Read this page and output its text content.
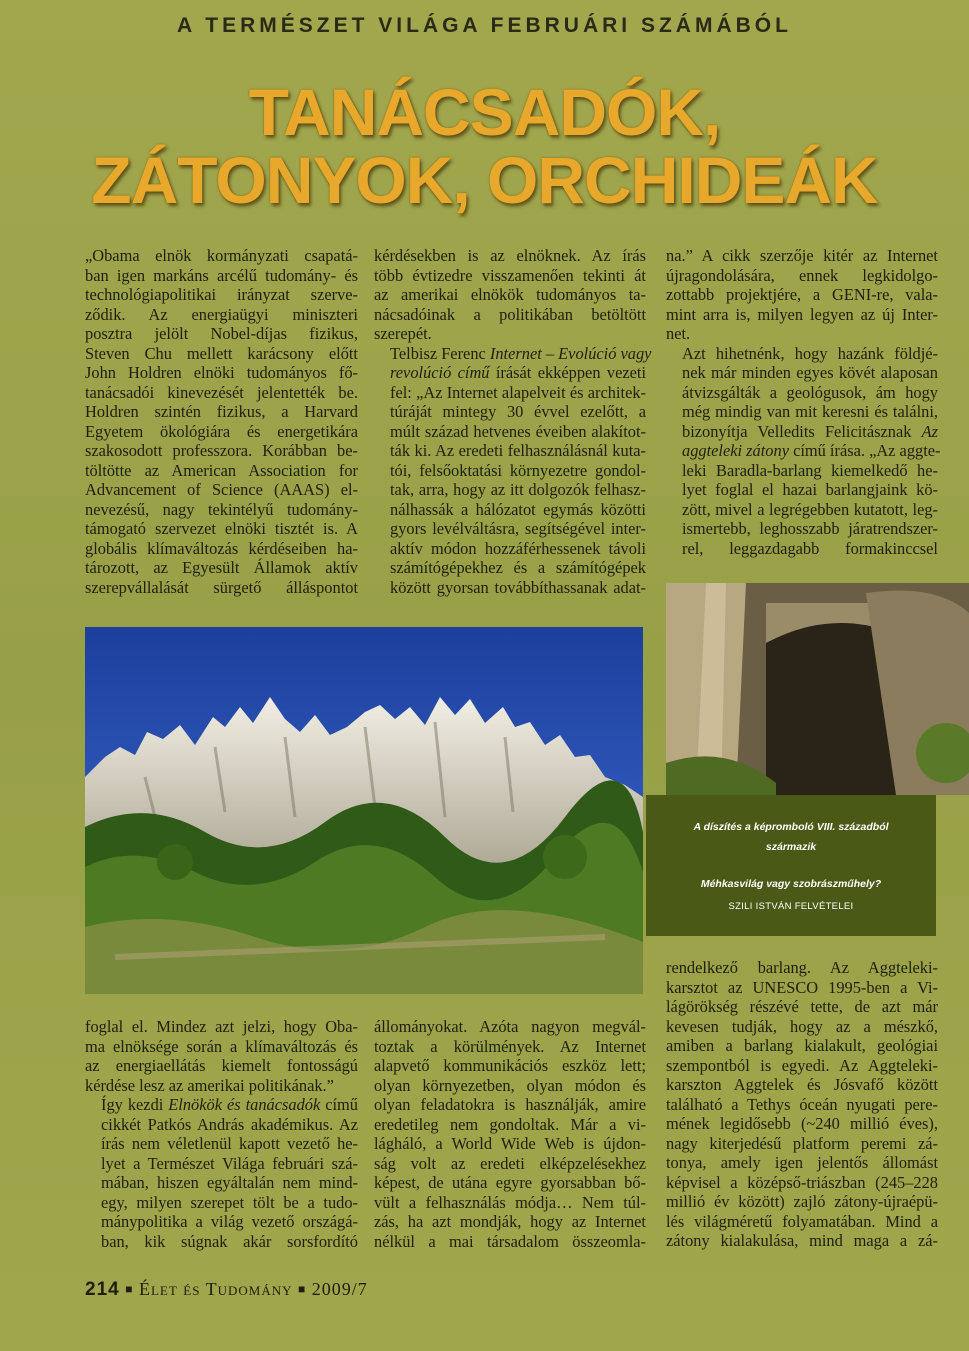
A TERMÉSZET VILÁGA FEBRUÁRI SZÁMÁBÓL
TANÁCSADÓK,
ZÁTONYOK, ORCHIDEÁK
„Obama elnök kormányzati csapatá-
ban igen markáns arcélű tudomány- és
technológiapolitikai irányzat szerve-
ződik. Az energiaügyi miniszteri
posztra jelölt Nobel-díjas fizikus,
Steven Chu mellett karácsony előtt
John Holdren elnöki tudományos fő-
tanácsadói kinevezését jelentették be.
Holdren szintén fizikus, a Harvard
Egyetem ökológiára és energetikára
szakosodott professzora. Korábban be-
töltötte az American Association for
Advancement of Science (AAAS) el-
nevezésű, nagy tekintélyű tudomány-
támogató szervezet elnöki tisztét is. A
globális klímaváltozás kérdéseiben ha-
tározott, az Egyesült Államok aktív
szerepvállalását sürgető álláspontot
kérdésekben is az elnöknek. Az írás
több évtizedre visszamenően tekinti át
az amerikai elnökök tudományos ta-
nácsadóinak a politikában betöltött
szerepét.

Telbisz Ferenc Internet – Evolúció vagy
revolúció című írását ekképpen vezeti
fel: „Az Internet alapelveit és architek-
túráját mintegy 30 évvel ezelőtt, a
múlt század hetvenes éveiben alakítot-
ták ki. Az eredeti felhasználásnál kuta-
tói, felsőoktatási környezetre gondol-
tak, arra, hogy az itt dolgozók felhasz-
nálhassák a hálózatot egymás közötti
gyors levélváltásra, segítségével inter-
aktív módon hozzáférhessenek távoli
számítógépekhez és a számítógépek
között gyorsan továbbíthassanak adat-

na.” A cikk szerzője kitér az Internet
újragondolására, ennek legkidolgo-
zottabb projektjére, a GENI-re, vala-
mint arra is, milyen legyen az új Inter-
net.

Azt hihetnénk, hogy hazánk földjé-
nek már minden egyes kövét alaposan
átvizsgálták a geológusok, ám hogy
még mindig van mit keresni és találni,
bizonyítja Velledits Felicitásznak Az
aggteleki zátony című írása. „Az aggte-
leki Baradla-barlang kiemelkedő he-
lyet foglal el hazai barlangjaink kö-
zött, mivel a legrégebben kutatott, leg-
ismertebb, leghosszabb járatrendszer-
rel, leggazdagabb formakinccsel

A díszítés a képromboló VIII. századból
származik
Méhkasvilág vagy szobrászműhely?
SZILI ISTVÁN FELVÉTELEI
foglal el. Mindez azt jelzi, hogy Oba-
ma elnöksége során a klímaváltozás és
az energiaellátás kiemelt fontosságú
kérdése lesz az amerikai politikának.”

Így kezdi Elnökök és tanácsadók című
cikkét Patkós András akadémikus. Az
írás nem véletlenül kapott vezető he-
lyet a Természet Világa februári szá-
mában, hiszen egyáltalán nem mind-
egy, milyen szerepet tölt be a tudo-
mánypolitika a világ vezető országá-
ban, kik súgnak akár sorsfordító

állományokat. Azóta nagyon megvál-
toztak a körülmények. Az Internet
alapvető kommunikációs eszköz lett;
olyan környezetben, olyan módon és
olyan feladatokra is használják, amire
eredetileg nem gondoltak. Már a vi-
lágháló, a World Wide Web is újdon-
ság volt az eredeti elképzelésekhez
képest, de utána egyre gyorsabban bő-
vült a felhasználás módja… Nem túl-
zás, ha azt mondják, hogy az Internet
nélkül a mai társadalom összeomla-
rendelkező barlang. Az Aggteleki-
karsztot az UNESCO 1995-ben a Vi-
lágörökség részévé tette, de azt már
kevesen tudják, hogy az a mészkő,
amiben a barlang kialakult, geológiai
szempontból is egyedi. Az Aggteleki-
karszton Aggtelek és Jósvafő között
található a Tethys óceán nyugati pere-
mének legidősebb (~240 millió éves),
nagy kiterjedésű platform peremi zá-
tonya, amely igen jelentős állomást
képvisel a középső-triászban (245–228
millió év között) zajló zátony-újraépü-
lés világméretű folyamatában. Mind a
zátony kialakulása, mind maga a zá-
214 ■ Élet és Tudomány ■ 2009/7
